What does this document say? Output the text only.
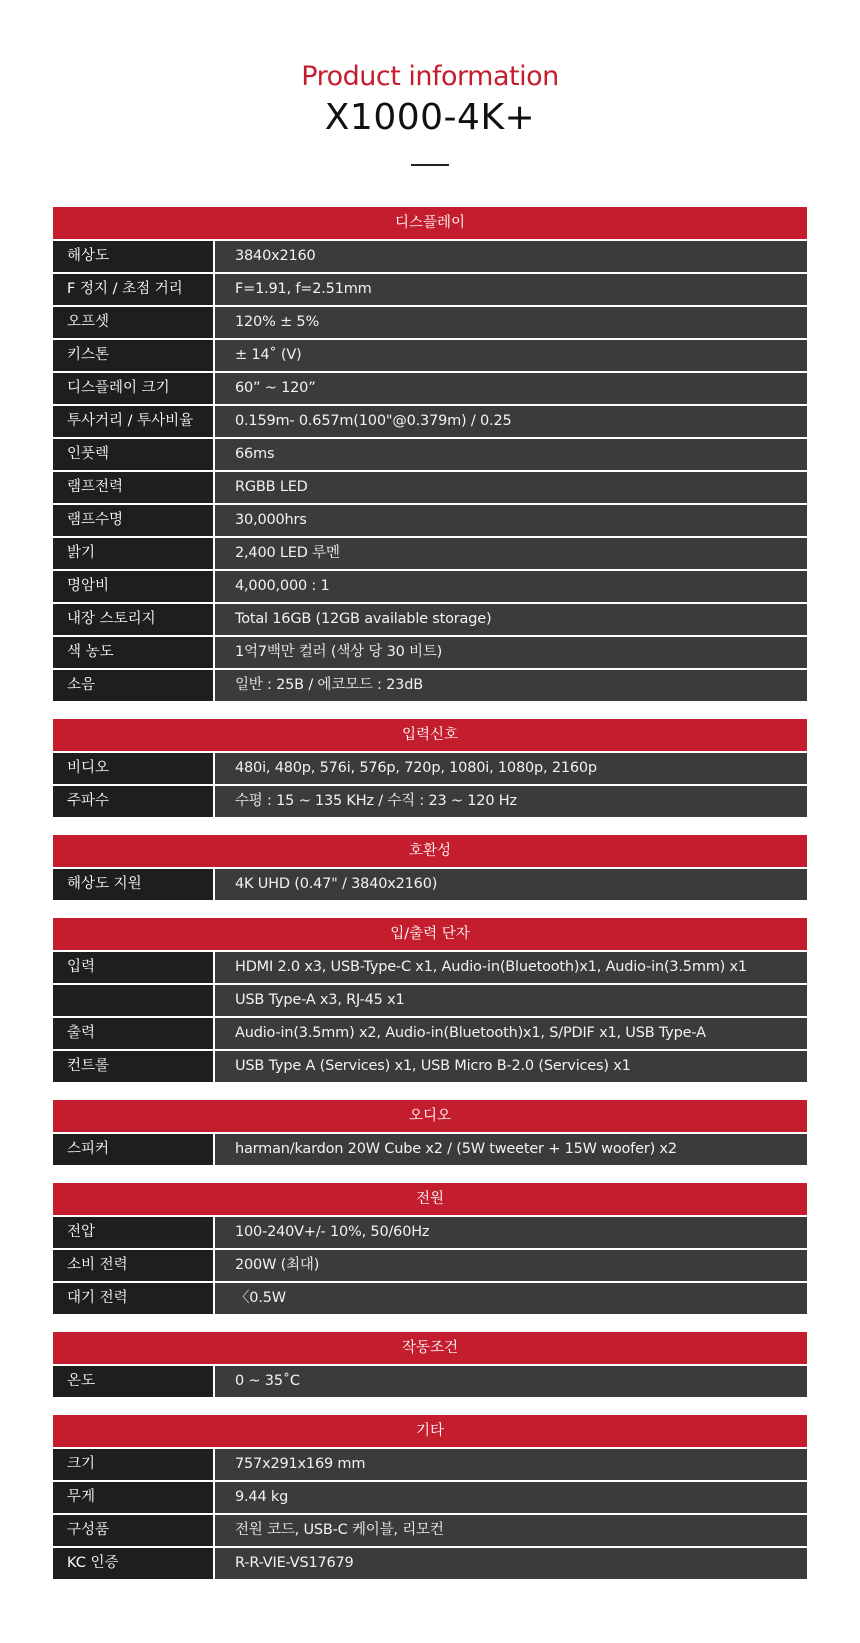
Product information
X1000-4K+
디스플레이
해상도	3840x2160
F 정지 / 초점 거리	F=1.91, f=2.51mm
오프셋	120% ± 5%
키스톤	± 14˚ (V)
디스플레이 크기	60” ~ 120”
투사거리 / 투사비율	0.159m- 0.657m(100"@0.379m) / 0.25
인풋렉	66ms
램프전력	RGBB LED
램프수명	30,000hrs
밝기	2,400 LED 루멘
명암비	4,000,000 : 1
내장 스토리지	Total 16GB (12GB available storage)
색 농도	1억7백만 컬러 (색상 당 30 비트)
소음	일반 : 25B / 에코모드 : 23dB
입력신호
비디오	480i, 480p, 576i, 576p, 720p, 1080i, 1080p, 2160p
주파수	수평 : 15 ~ 135 KHz / 수직 : 23 ~ 120 Hz
호환성
해상도 지원	4K UHD (0.47" / 3840x2160)
입/출력 단자
입력	HDMI 2.0 x3, USB-Type-C x1, Audio-in(Bluetooth)x1, Audio-in(3.5mm) x1
USB Type-A x3, RJ-45 x1
출력	Audio-in(3.5mm) x2, Audio-in(Bluetooth)x1, S/PDIF x1, USB Type-A
컨트롤	USB Type A (Services) x1, USB Micro B-2.0 (Services) x1
오디오
스피커	harman/kardon 20W Cube x2 / (5W tweeter + 15W woofer) x2
전원
전압	100-240V+/- 10%, 50/60Hz
소비 전력	200W (최대)
대기 전력	〈0.5W
작동조건
온도	0 ~ 35˚C
기타
크기	757x291x169 mm
무게	9.44 kg
구성품	전원 코드, USB-C 케이블, 리모컨
KC 인증	R-R-VIE-VS17679
